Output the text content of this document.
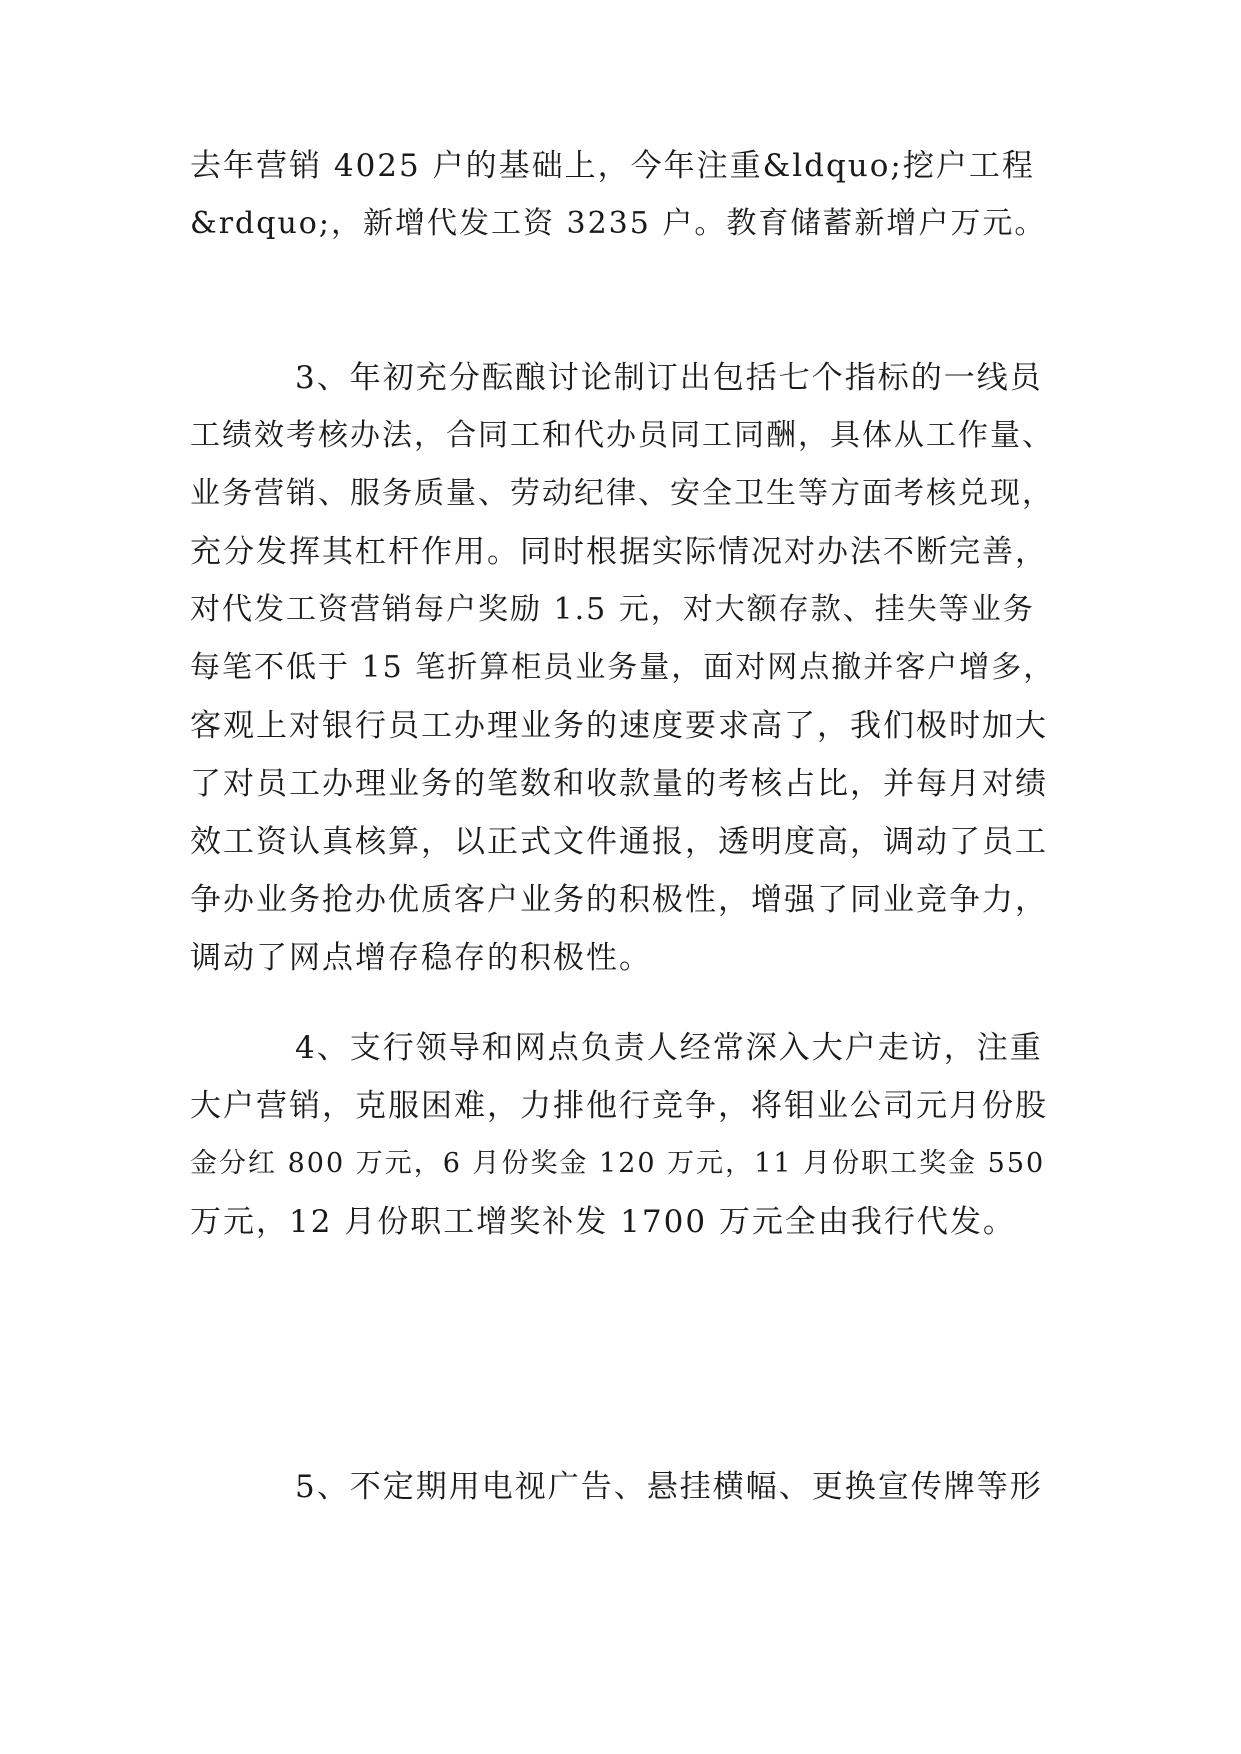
去年营销 4025 户的基础上，今年注重&ldquo;挖户工程
&rdquo;，新增代发工资 3235 户。教育储蓄新增户万元。

3、年初充分酝酿讨论制订出包括七个指标的一线员
工绩效考核办法，合同工和代办员同工同酬，具体从工作量、
业务营销、服务质量、劳动纪律、安全卫生等方面考核兑现，
充分发挥其杠杆作用。同时根据实际情况对办法不断完善，
对代发工资营销每户奖励 1.5 元，对大额存款、挂失等业务
每笔不低于 15 笔折算柜员业务量，面对网点撤并客户增多，
客观上对银行员工办理业务的速度要求高了，我们极时加大
了对员工办理业务的笔数和收款量的考核占比，并每月对绩
效工资认真核算，以正式文件通报，透明度高，调动了员工
争办业务抢办优质客户业务的积极性，增强了同业竞争力，
调动了网点增存稳存的积极性。

4、支行领导和网点负责人经常深入大户走访，注重
大户营销，克服困难，力排他行竞争，将钼业公司元月份股
金分红 800 万元，6 月份奖金 120 万元，11 月份职工奖金 550
万元，12 月份职工增奖补发 1700 万元全由我行代发。

5、不定期用电视广告、悬挂横幅、更换宣传牌等形
